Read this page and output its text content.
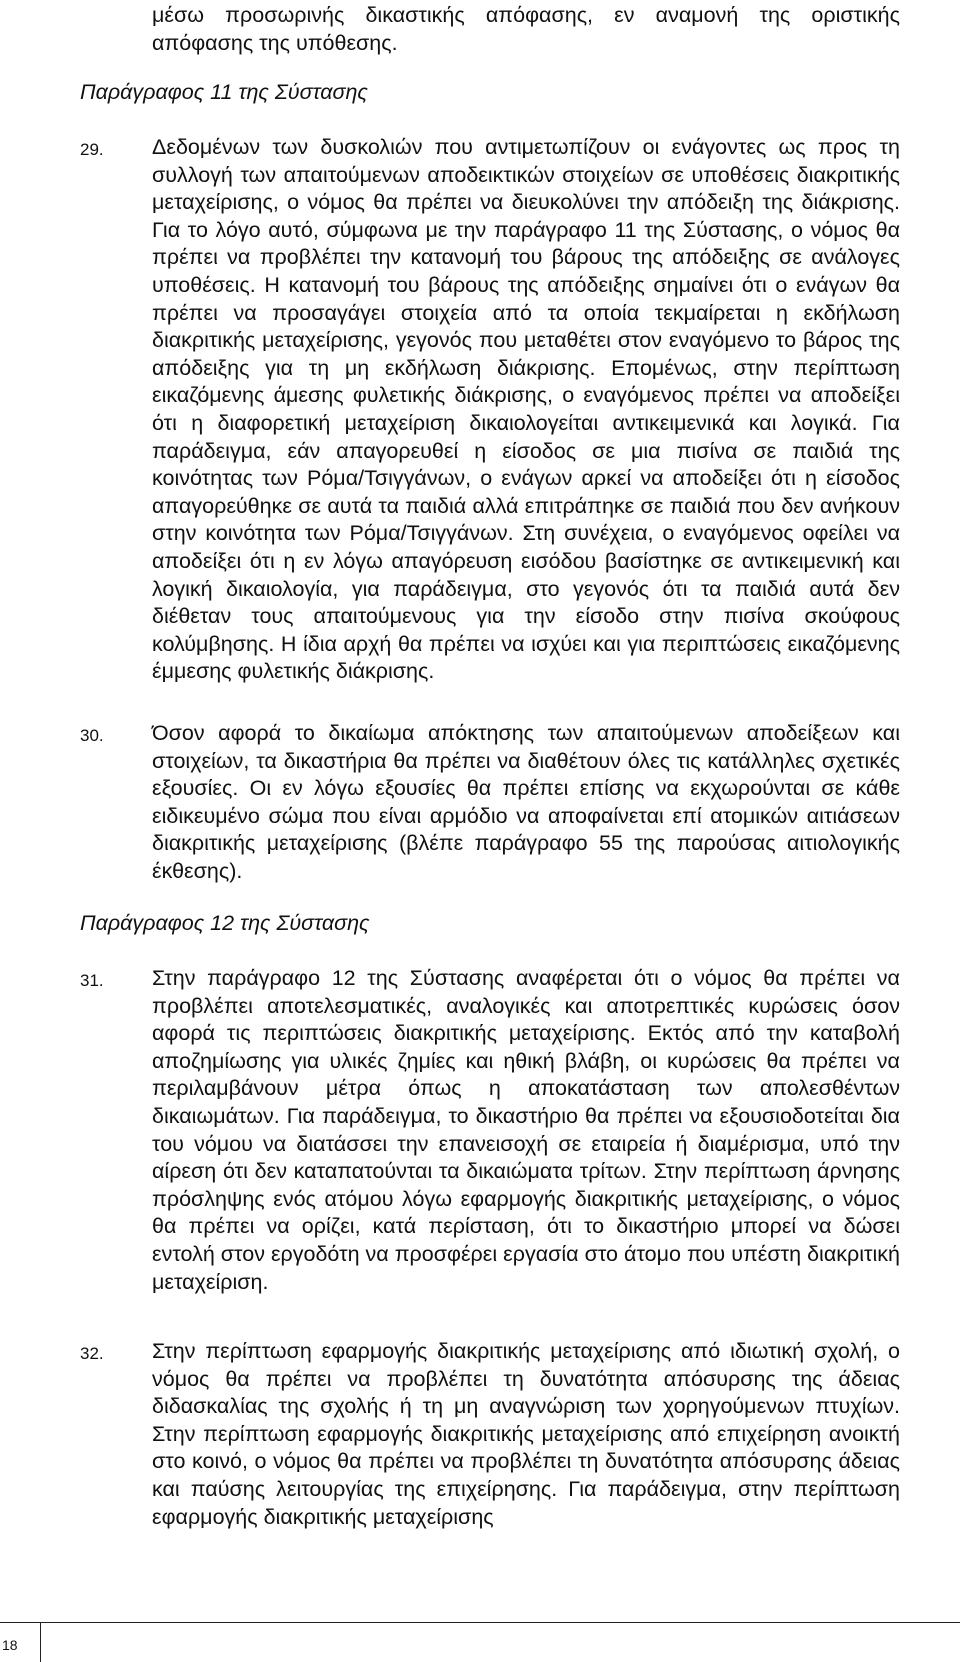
μέσω προσωρινής δικαστικής απόφασης, εν αναμονή της οριστικής απόφασης της υπόθεσης.

Παράγραφος 11 της Σύστασης

29. Δεδομένων των δυσκολιών που αντιμετωπίζουν οι ενάγοντες ως προς τη συλλογή των απαιτούμενων αποδεικτικών στοιχείων σε υποθέσεις διακριτικής μεταχείρισης, ο νόμος θα πρέπει να διευκολύνει την απόδειξη της διάκρισης. Για το λόγο αυτό, σύμφωνα με την παράγραφο 11 της Σύστασης, ο νόμος θα πρέπει να προβλέπει την κατανομή του βάρους της απόδειξης σε ανάλογες υποθέσεις. Η κατανομή του βάρους της απόδειξης σημαίνει ότι ο ενάγων θα πρέπει να προσαγάγει στοιχεία από τα οποία τεκμαίρεται η εκδήλωση διακριτικής μεταχείρισης, γεγονός που μεταθέτει στον εναγόμενο το βάρος της απόδειξης για τη μη εκδήλωση διάκρισης. Επομένως, στην περίπτωση εικαζόμενης άμεσης φυλετικής διάκρισης, ο εναγόμενος πρέπει να αποδείξει ότι η διαφορετική μεταχείριση δικαιολογείται αντικειμενικά και λογικά. Για παράδειγμα, εάν απαγορευθεί η είσοδος σε μια πισίνα σε παιδιά της κοινότητας των Ρόμα/Τσιγγάνων, ο ενάγων αρκεί να αποδείξει ότι η είσοδος απαγορεύθηκε σε αυτά τα παιδιά αλλά επιτράπηκε σε παιδιά που δεν ανήκουν στην κοινότητα των Ρόμα/Τσιγγάνων. Στη συνέχεια, ο εναγόμενος οφείλει να αποδείξει ότι η εν λόγω απαγόρευση εισόδου βασίστηκε σε αντικειμενική και λογική δικαιολογία, για παράδειγμα, στο γεγονός ότι τα παιδιά αυτά δεν διέθεταν τους απαιτούμενους για την είσοδο στην πισίνα σκούφους κολύμβησης. Η ίδια αρχή θα πρέπει να ισχύει και για περιπτώσεις εικαζόμενης έμμεσης φυλετικής διάκρισης.

30. Όσον αφορά το δικαίωμα απόκτησης των απαιτούμενων αποδείξεων και στοιχείων, τα δικαστήρια θα πρέπει να διαθέτουν όλες τις κατάλληλες σχετικές εξουσίες. Οι εν λόγω εξουσίες θα πρέπει επίσης να εκχωρούνται σε κάθε ειδικευμένο σώμα που είναι αρμόδιο να αποφαίνεται επί ατομικών αιτιάσεων διακριτικής μεταχείρισης (βλέπε παράγραφο 55 της παρούσας αιτιολογικής έκθεσης).

Παράγραφος 12 της Σύστασης

31. Στην παράγραφο 12 της Σύστασης αναφέρεται ότι ο νόμος θα πρέπει να προβλέπει αποτελεσματικές, αναλογικές και αποτρεπτικές κυρώσεις όσον αφορά τις περιπτώσεις διακριτικής μεταχείρισης. Εκτός από την καταβολή αποζημίωσης για υλικές ζημίες και ηθική βλάβη, οι κυρώσεις θα πρέπει να περιλαμβάνουν μέτρα όπως η αποκατάσταση των απολεσθέντων δικαιωμάτων. Για παράδειγμα, το δικαστήριο θα πρέπει να εξουσιοδοτείται δια του νόμου να διατάσσει την επανεισοχή σε εταιρεία ή διαμέρισμα, υπό την αίρεση ότι δεν καταπατούνται τα δικαιώματα τρίτων. Στην περίπτωση άρνησης πρόσληψης ενός ατόμου λόγω εφαρμογής διακριτικής μεταχείρισης, ο νόμος θα πρέπει να ορίζει, κατά περίσταση, ότι το δικαστήριο μπορεί να δώσει εντολή στον εργοδότη να προσφέρει εργασία στο άτομο που υπέστη διακριτική μεταχείριση.

32. Στην περίπτωση εφαρμογής διακριτικής μεταχείρισης από ιδιωτική σχολή, ο νόμος θα πρέπει να προβλέπει τη δυνατότητα απόσυρσης της άδειας διδασκαλίας της σχολής ή τη μη αναγνώριση των χορηγούμενων πτυχίων. Στην περίπτωση εφαρμογής διακριτικής μεταχείρισης από επιχείρηση ανοικτή στο κοινό, ο νόμος θα πρέπει να προβλέπει τη δυνατότητα απόσυρσης άδειας και παύσης λειτουργίας της επιχείρησης. Για παράδειγμα, στην περίπτωση εφαρμογής διακριτικής μεταχείρισης

18
